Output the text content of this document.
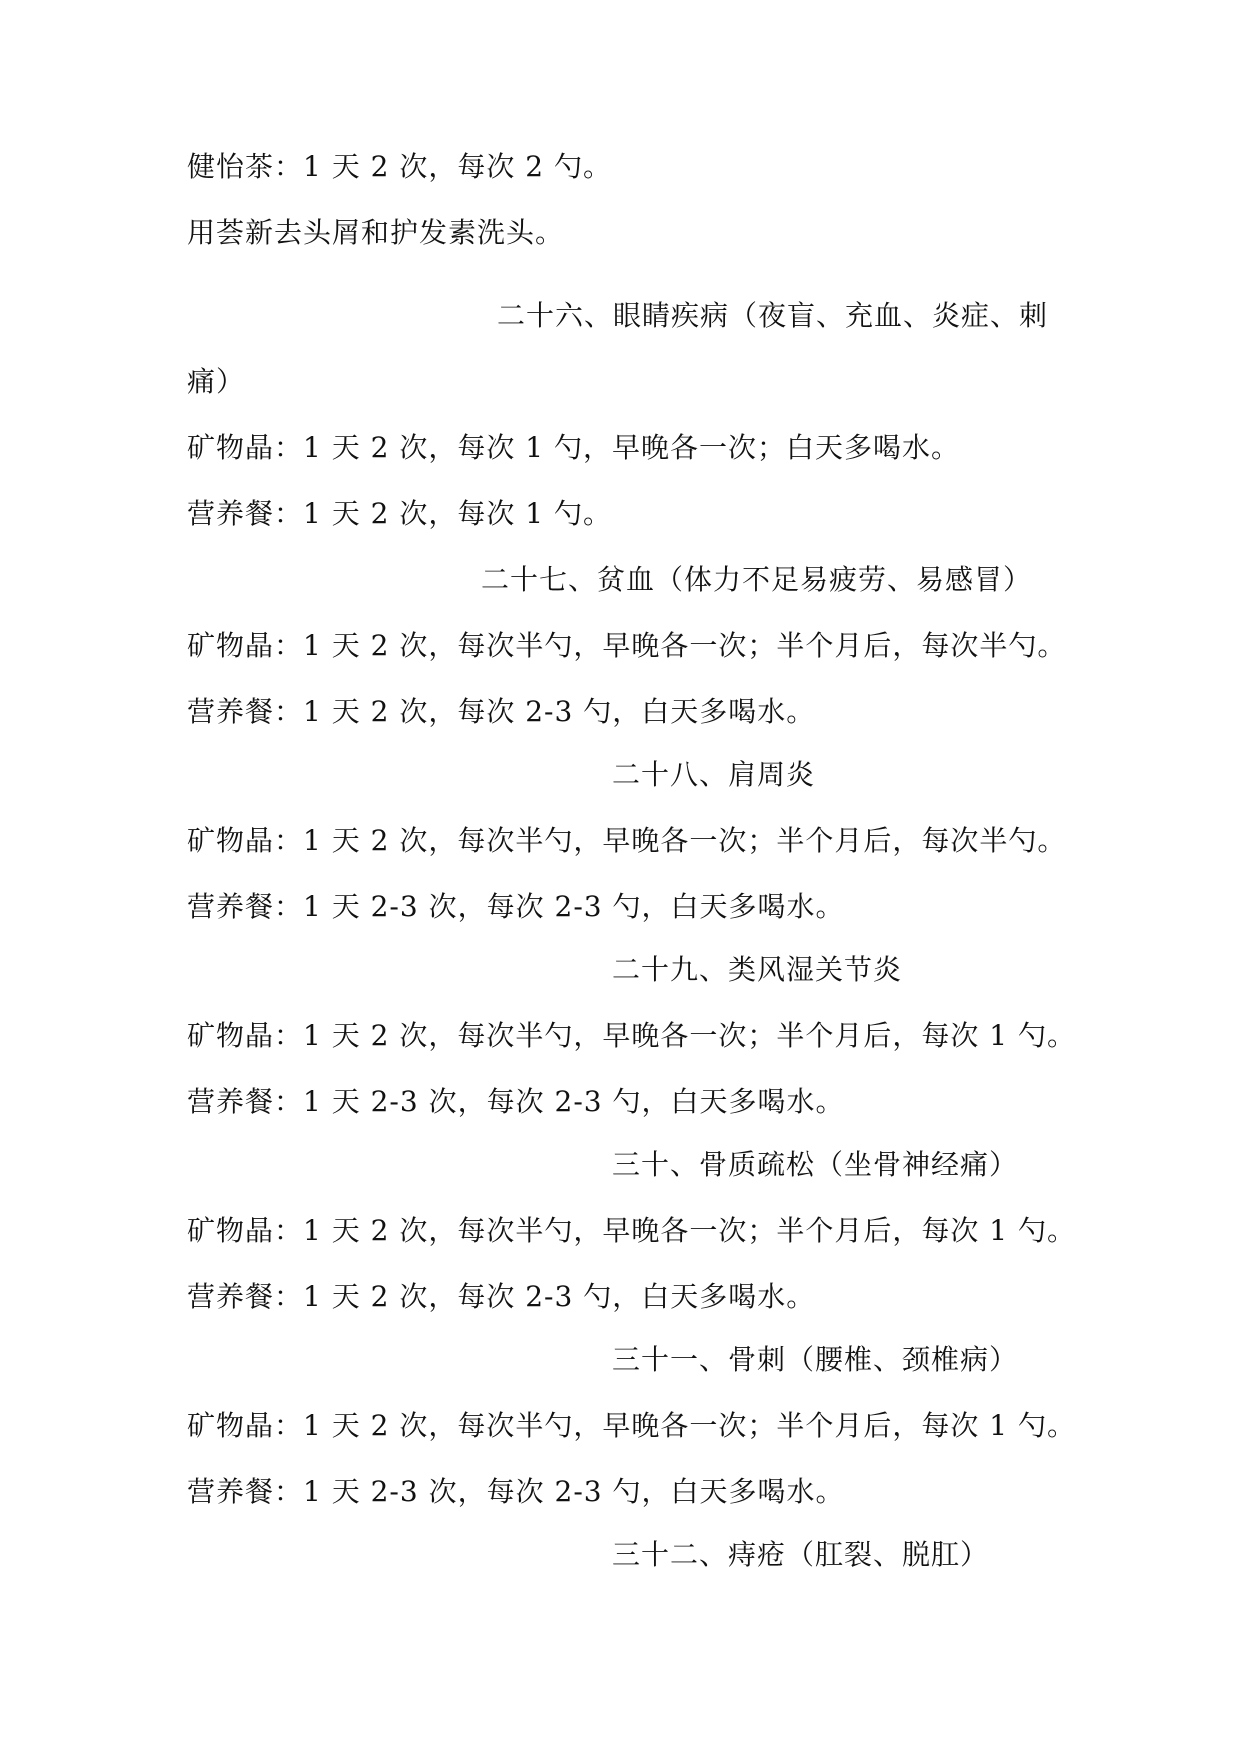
健怡茶：1 天 2 次，每次 2 勺。
用荟新去头屑和护发素洗头。
二十六、眼睛疾病（夜盲、充血、炎症、刺
痛）
矿物晶：1 天 2 次，每次 1 勺，早晚各一次；白天多喝水。
营养餐：1 天 2 次，每次 1 勺。
二十七、贫血（体力不足易疲劳、易感冒）
矿物晶：1 天 2 次，每次半勺，早晚各一次；半个月后，每次半勺。
营养餐：1 天 2 次，每次 2-3 勺，白天多喝水。
二十八、肩周炎
矿物晶：1 天 2 次，每次半勺，早晚各一次；半个月后，每次半勺。
营养餐：1 天 2-3 次，每次 2-3 勺，白天多喝水。
二十九、类风湿关节炎
矿物晶：1 天 2 次，每次半勺，早晚各一次；半个月后，每次 1 勺。
营养餐：1 天 2-3 次，每次 2-3 勺，白天多喝水。
三十、骨质疏松（坐骨神经痛）
矿物晶：1 天 2 次，每次半勺，早晚各一次；半个月后，每次 1 勺。
营养餐：1 天 2 次，每次 2-3 勺，白天多喝水。
三十一、骨刺（腰椎、颈椎病）
矿物晶：1 天 2 次，每次半勺，早晚各一次；半个月后，每次 1 勺。
营养餐：1 天 2-3 次，每次 2-3 勺，白天多喝水。
三十二、痔疮（肛裂、脱肛）
